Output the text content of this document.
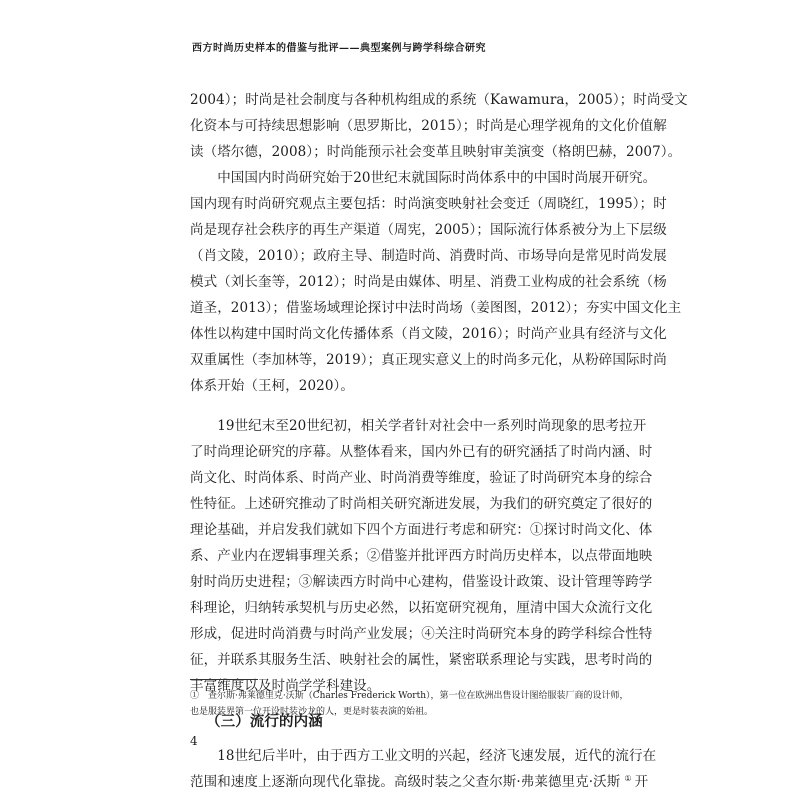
西方时尚历史样本的借鉴与批评——典型案例与跨学科综合研究
2004）；时尚是社会制度与各种机构组成的系统（Kawamura，2005）；时尚受文
化资本与可持续思想影响（思罗斯比，2015）；时尚是心理学视角的文化价值解
读（塔尔德，2008）；时尚能预示社会变革且映射审美演变（格朗巴赫，2007）。
　　中国国内时尚研究始于20世纪末就国际时尚体系中的中国时尚展开研究。
国内现有时尚研究观点主要包括：时尚演变映射社会变迁（周晓红，1995）；时
尚是现存社会秩序的再生产渠道（周宪，2005）；国际流行体系被分为上下层级
（肖文陵，2010）；政府主导、制造时尚、消费时尚、市场导向是常见时尚发展
模式（刘长奎等，2012）；时尚是由媒体、明星、消费工业构成的社会系统（杨
道圣，2013）；借鉴场域理论探讨中法时尚场（姜图图，2012）；夯实中国文化主
体性以构建中国时尚文化传播体系（肖文陵，2016）；时尚产业具有经济与文化
双重属性（李加林等，2019）；真正现实意义上的时尚多元化，从粉碎国际时尚
体系开始（王柯，2020）。
　　19世纪末至20世纪初，相关学者针对社会中一系列时尚现象的思考拉开
了时尚理论研究的序幕。从整体看来，国内外已有的研究涵括了时尚内涵、时
尚文化、时尚体系、时尚产业、时尚消费等维度，验证了时尚研究本身的综合
性特征。上述研究推动了时尚相关研究渐进发展，为我们的研究奠定了很好的
理论基础，并启发我们就如下四个方面进行考虑和研究：①探讨时尚文化、体
系、产业内在逻辑事理关系；②借鉴并批评西方时尚历史样本，以点带面地映
射时尚历史进程；③解读西方时尚中心建构，借鉴设计政策、设计管理等跨学
科理论，归纳转承契机与历史必然，以拓宽研究视角，厘清中国大众流行文化
形成，促进时尚消费与时尚产业发展；④关注时尚研究本身的跨学科综合性特
征，并联系其服务生活、映射社会的属性，紧密联系理论与实践，思考时尚的
丰富维度以及时尚学学科建设。
（三）流行的内涵
　　18世纪后半叶，由于西方工业文明的兴起，经济飞速发展，近代的流行在
范围和速度上逐渐向现代化靠拢。高级时装之父查尔斯·弗莱德里克·沃斯 ① 开
①　查尔斯·弗莱德里克·沃斯（Charles Frederick Worth），第一位在欧洲出售设计图给服装厂商的设计师，
也是服装界第一位开设时装沙龙的人，更是时装表演的始祖。
4
